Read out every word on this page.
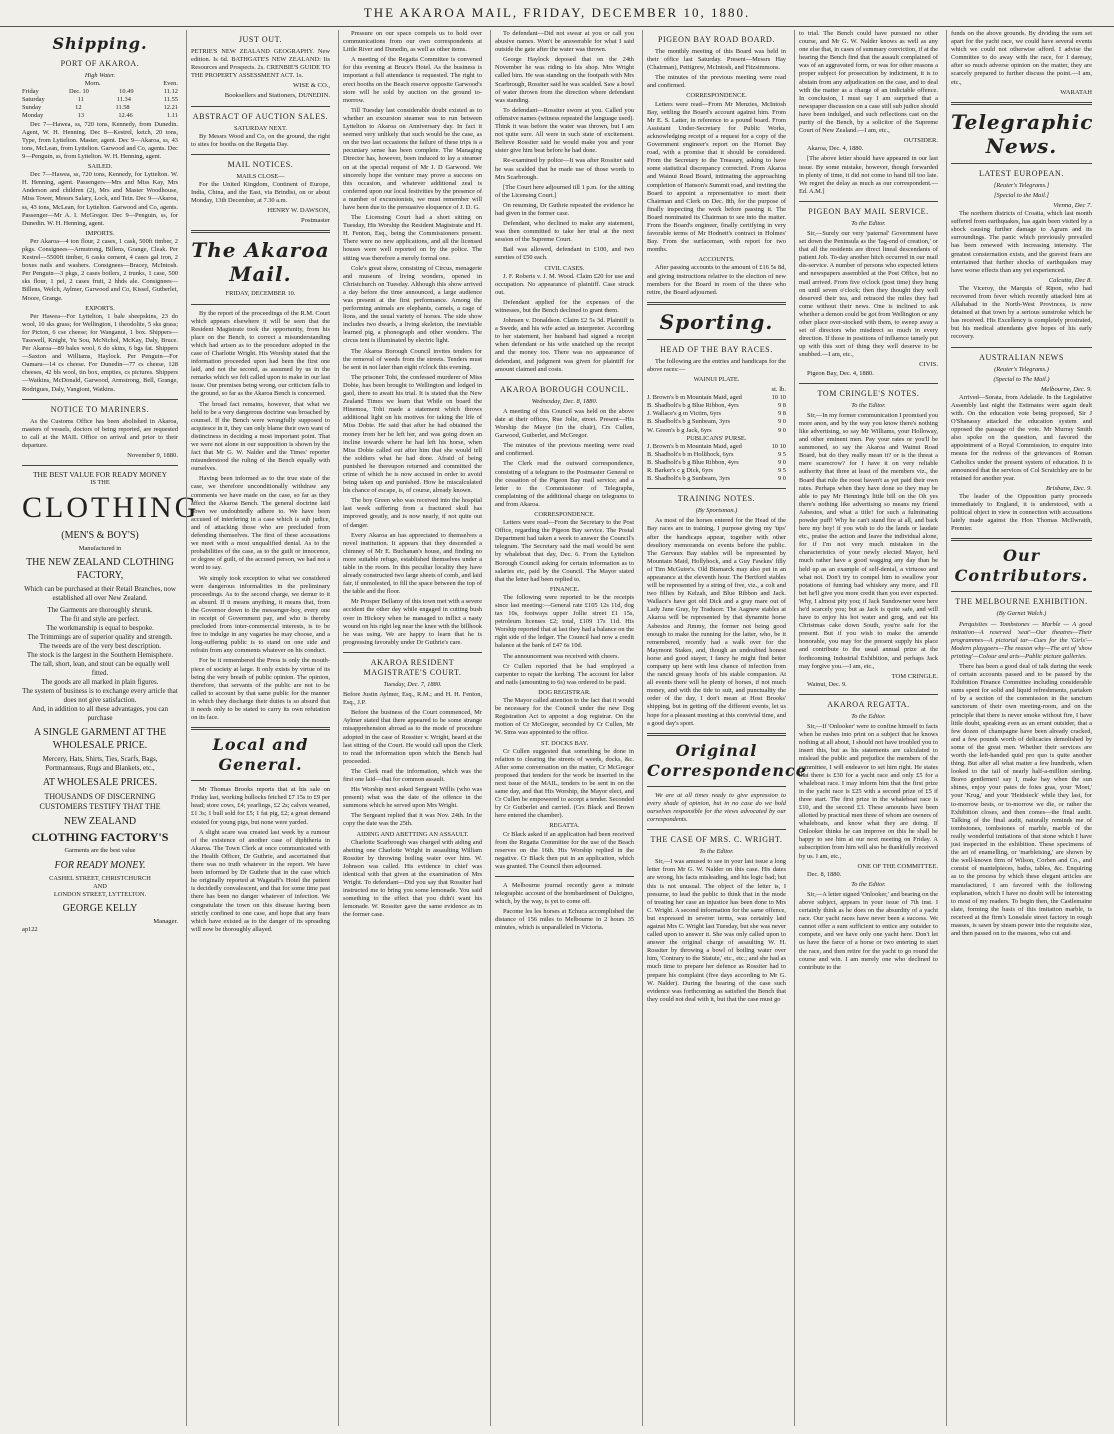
THE AKAROA MAIL, FRIDAY, DECEMBER 10, 1880.
Shipping.
PORT OF AKAROA.
High Water.
Morn.	Even.
Friday	Dec. 10	10.49	11.12
Saturday	11	11.34	11.55
Sunday	12	11.58	12.21
Monday	13	12.46	1.11

Dec 7—Hawea, ss, 720 tons, Kennedy, from Dunedin. Agent, W. H. Henning. Dec 8—Kestrel, ketch, 20 tons, Type, from Lyttelton. Master, agent. Dec 9—Akaroa, ss, 43 tons, McLean, from Lyttelton. Garwood and Co, agents. Dec 9—Penguin, ss, from Lyttelton. W. H. Henning, agent.

SAILED.

Dec 7—Hawea, ss, 720 tons, Kennedy, for Lyttelton. W. H. Henning, agent. Passengers—Mrs and Miss Kay, Mrs Anderson and children (2), Mrs and Master Woodhouse, Miss Tower, Messrs Salary, Lock, and Tein. Dec 9—Akaroa, ss, 43 tons, McLean, for Lyttelton. Garwood and Co, agents. Passenger—Mr A. I. McGregor. Dec 9—Penguin, ss, for Dunedin. W. H. Henning, agent.

IMPORTS.

Per Akaroa—4 ton flour, 2 cases, 1 cask, 500ft timber, 2 pkgs. Consignees—Armstrong, Billens, Grange, Cleak. Per Kestrel—5500ft timber, 6 casks cement, 4 cases gal iron, 2 boxes nails and washers. Consignees—Bracey, McIntosh. Per Penguin—3 pkgs, 2 cases boilers, 2 trunks, 1 case, 500 sks flour, 1 pel, 2 cases fruit, 2 hhds ale. Consignees—Billens, Welch, Aylmer, Garwood and Co, Kissel, Gutberlet, Moore, Grange.

EXPORTS.

Per Hawea—For Lyttelton, 1 bale sheepskins, 23 do wool, 10 sks grass; for Wellington, 1 theodolite, 5 sks grass; for Picton, 6 cse cheese; for Wanganui, 1 box. Shippers—Tasswell, Knight, Yu Sou, McNichol, McKay, Daly, Bruce. Per Akaroa—89 bales wool, 6 do skins, 6 bgs fat. Shippers—Saxton and Williams, Haylock. Per Penguin—For Oamaru—14 cs cheese. For Dunedin—77 cs cheese, 128 cheeses, 42 bls wool, tin box, empties, cs pictures. Shippers—Watkins, McDonald, Garwood, Armstrong, Bell, Grange, Rodrigues, Daly, Vangioni, Watkins.

NOTICE TO MARINERS.

As the Customs Office has been abolished in Akaroa, masters of vessels, doctors of being reported, are requested to call at the MAIL Office on arrival and prior to their departure.

November 9, 1880.
THE BEST VALUE FOR READY MONEY
IS THE
CLOTHING
(MEN'S & BOY'S)
Manufactured in
THE NEW ZEALAND CLOTHING FACTORY,
Which can be purchased at their Retail Branches, now established all over New Zealand.
The Garments are thoroughly shrunk.
The fit and style are perfect.
The workmanship is equal to bespoke.
The Trimmings are of superior quality and strength.
The tweeds are of the very best description.
The stock is the largest in the Southern Hemisphere.
The tall, short, lean, and stout can be equally well fitted.
The goods are all marked in plain figures.
The system of business is to exchange every article that does not give satisfaction.
And, in addition to all these advantages, you can purchase
A SINGLE GARMENT AT THE WHOLESALE PRICE.
Mercery, Hats, Shirts, Ties, Scarfs, Bags, Portmanteaus, Rugs and Blankets, etc.,
AT WHOLESALE PRICES.
THOUSANDS OF DISCERNING CUSTOMERS TESTIFY THAT THE
NEW ZEALAND
CLOTHING FACTORY'S
Garments are the best value
FOR READY MONEY.
CASHEL STREET, CHRISTCHURCH
AND
LONDON STREET, LYTTELTON.
GEORGE KELLY
Manager.
ap122
JUST OUT.

PETRIE'S NEW ZEALAND GEOGRAPHY. New edition. Is 6d. BATHGATE'S NEW ZEALAND: Its Resources and Prospects. 2s. CRENBIE'S GUIDE TO THE PROPERTY ASSESSMENT ACT. 1s.

WISE & CO.,
Booksellers and Stationers, DUNEDIN.
ABSTRACT OF AUCTION SALES.
SATURDAY NEXT.

By Messrs Wood and Co, on the ground, the right to sites for booths on the Regatta Day.

MAIL NOTICES.
MAILS CLOSE—

For the United Kingdom, Continent of Europe, India, China, and the East, via Brindisi, on or about Monday, 13th December, at 7.30 a.m.

HENRY W. DAWSON,
Postmaster
The Akaroa Mail.
FRIDAY, DECEMBER 10.

By the report of the proceedings of the R.M. Court which appears elsewhere it will be seen that the Resident Magistrate took the opportunity, from his place on the Bench, to correct a misunderstanding which had arisen as to the procedure adopted in the case of Charlotte Wright. His Worship stated that the information proceeded upon had been the first one laid, and not the second, as assumed by us in the remarks which we felt called upon to make in our last issue. Our premises being wrong, our criticism falls to the ground, so far as the Akaroa Bench is concerned.

The broad fact remains, however, that what we held to be a very dangerous doctrine was broached by counsel. If the Bench were wrongfully supposed to acquiesce in it, they can only blame their own want of distinctness in deciding a most important point. That we were not alone in our supposition is shown by the fact that Mr G. W. Nalder and the Times' reporter misunderstood the ruling of the Bench equally with ourselves.

Having been informed as to the true state of the case, we therefore unconditionally withdraw any comments we have made on the case, so far as they affect the Akaroa Bench. The general doctrine laid down we undoubtedly adhere to. We have been accused of interfering in a case which is sub judice, and of attacking those who are precluded from defending themselves. The first of these accusations we meet with a most unqualified denial. As to the probabilities of the case, as to the guilt or innocence, or degree of guilt, of the accused person, we had not a word to say.

We simply took exception to what we considered were dangerous informalities in the preliminary proceedings. As to the second charge, we demur to it as absurd. If it means anything, it means that, from the Governor down to the messenger-boy, every one in receipt of Government pay, and who is thereby precluded from inter-commercial interests, is to be free to indulge in any vagaries he may choose, and a long-suffering public is to stand on one side and refrain from any comments whatever on his conduct.

For be it remembered the Press is only the mouth-piece of society at large. It only exists by virtue of its being the very breath of public opinion. The opinion, therefore, that servants of the public are not to be called to account by that same public for the manner in which they discharge their duties is so absurd that it needs only to be stated to carry its own refutation on its face.

Local and General.

Mr Thomas Brooks reports that at his sale on Friday last, working bullocks fetched £7 15s to £9 per head; store cows, £4; yearlings, £2 2s; calves weaned, £1 3s; 1 bull sold for £5; 1 fat pig, £2; a great demand existed for young pigs, but none were yarded.

A slight scare was created last week by a rumour of the existence of another case of diphtheria in Akaroa. The Town Clerk at once communicated with the Health Officer, Dr Guthrie, and ascertained that there was no truth whatever in the report. We have been informed by Dr Guthrie that in the case which he originally reported at Wagstaff's Hotel the patient is decidedly convalescent, and that for some time past there has been no danger whatever of infection. We congratulate the town on this disease having been strictly confined to one case, and hope that any fears which have existed as to the danger of its spreading will now be thoroughly allayed.

Pressure on our space compels us to hold over communications from our own correspondents at Little River and Dunedin, as well as other items.

A meeting of the Regatta Committee is convened for this evening at Bruce's Hotel. As the business is important a full attendance is requested. The right to erect booths on the Beach reserve opposite Garwood's store will be sold by auction on the ground to-morrow.

Till Tuesday last considerable doubt existed as to whether an excursion steamer was to run between Lyttelton to Akaroa on Anniversary day. In fact it seemed very unlikely that such would be the case, as on the two last occasions the failure of these trips is a pecuniary sense has been complete. The Managing Director has, however, been induced to lay a steamer on at the special request of Mr J. D Garwood. We sincerely hope the venture may prove a success on this occasion, and whatever additional zeal is conferred upon our local festivities by the presence of a number of excursionists, we must remember will have been due to the persuasive eloquence of J. D. G.

The Licensing Court had a short sitting on Tuesday, His Worship the Resident Magistrate and H. H. Fenton, Esq., being the Commissioners present. There were no new applications, and all the licensed houses were well reported on by the police. The sitting was therefore a merely formal one.

Cole's great show, consisting of Circus, menagerie and museum of living wonders, opened in Christchurch on Tuesday. Although this show arrived a day before the time announced, a large audience was present at the first performance. Among the performing animals are elephants, camels, a cage of lions, and the usual variety of horses. The side show includes two dwarfs, a living skeleton, the inevitable learned pig, a phonograph and other wonders. The circus tent is illuminated by electric light.

The Akaroa Borough Council invites tenders for the removal of weeds from the streets. Tenders must be sent in not later than eight o'clock this evening.

The prisoner Tohi, the confessed murderer of Miss Dobie, has been brought to Wellington and lodged in gaol, there to await his trial. It is stated that the New Zealand Times we learn that While on board the Hinemoa, Tohi made a statement which throws additional light on his motives for taking the life of Miss Dobie. He said that after he had obtained the money from her he left her, and was going down an incline towards where he had left his horse, when Miss Dobie called out after him that she would tell the soldiers what he had done. Afraid of being punished he thereupon returned and committed the crime of which he is now accused in order to avoid being taken up and punished. How he miscalculated his chance of escape, is, of course, already known.

The boy Green who was received into the hospital last week suffering from a fractured skull has improved greatly, and is now nearly, if not quite out of danger.

Every Akaroa an has appreciated to themselves a novel institution. It appears that they descended a chimney of Mr E. Buchanan's house, and finding no more suitable refuge, established themselves under a table in the room. In this peculiar locality they have already constructed two large sheets of comb, and laid fair, if unmolested, to fill the space between the top of the table and the floor.

Mr Prosper Bellamy of this town met with a severe accident the other day while engaged in cutting bush over in Hickory when he managed to inflict a nasty wound on his right leg near the knee with the billhook he was using. We are happy to learn that he is progressing favorably under Dr Guthrie's care.

AKAROA RESIDENT MAGISTRATE'S COURT.
Tuesday, Dec. 7, 1880.

Before Justin Aylmer, Esq., R.M.; and H. H. Fenton, Esq., J.P.

Before the business of the Court commenced, Mr Aylmer stated that there appeared to be some strange misapprehension abroad as to the mode of procedure adopted in the case of Rossiter v. Wright, heard at the last sitting of the Court. He would call upon the Clerk to read the information upon which the Bench had proceeded.

The Clerk read the information, which was the first one laid—that for common assault.

His Worship next asked Sergeant Willis (who was present) what was the date of the offence in the summons which he served upon Mrs Wright.

The Sergeant replied that it was Nov. 24th. In the copy the date was the 25th.

AIDING AND ABETTING AN ASSAULT.

Charlotte Scarbrough was charged with aiding and abetting one Charlotte Wright in assaulting William Rossiter by throwing boiling water over him. W. Johnson was called. His evidence in chief was identical with that given at the examination of Mrs Wright. To defendant—Did you say that Rossiter had instructed me to bring you some lemonade. You said something to the effect that you didn't want his lemonade. W. Rossiter gave the same evidence as in the former case.

To defendant—Did not swear at you or call you abusive names. Won't be answerable for what I said outside the gate after the water was thrown.

George Haylock deposed that on the 24th November he was riding to his shop. Mrs Wright called him. He was standing on the footpath with Mrs Scarbrough, Rossiter said he was scalded. Saw a bowl of water thrown from the direction where defendant was standing.

To defendant—Rossiter swore at you. Called you offensive names (witness repeated the language used). Think it was before the water was thrown, but I am not quite sure. All were in such state of excitement. Believe Rossiter said he would make you and your sister give him beat before he had done.

Re-examined by police—It was after Rossiter said he was scalded that he made use of those words to Mrs Scarbrough.

[The Court here adjourned till 1 p.m. for the sitting of the Licensing Court.]

On resuming, Dr Guthrie repeated the evidence he had given in the former case.

Defendant, who declined to make any statement, was then committed to take her trial at the next session of the Supreme Court.

Bail was allowed, defendant in £100, and two sureties of £50 each.

CIVIL CASES.

J. F. Roberts v. J. M. Wood. Claim £20 for use and occupation. No appearance of plaintiff. Case struck out.

Defendant applied for the expenses of the witnesses, but the Bench declined to grant them.

Johnsen v. Donaldson. Claim £2 5s 3d. Plaintiff is a Swede, and his wife acted as interpreter. According to her statement, her husband had signed a receipt when defendant or his wife snatched up the receipt and the money too. There was no appearance of defendant, and judgment was given for plaintiff for amount claimed and costs.

AKAROA BOROUGH COUNCIL.
Wednesday, Dec. 8, 1880.

A meeting of this Council was held on the above date at their offices, Rue Jolie, street. Present—His Worship the Mayor (in the chair), Crs Cullen, Garwood, Gutberlet, and McGregor.

The minutes of the previous meeting were read and confirmed.

The Clerk read the outward correspondence, consisting of a telegram to the Postmaster General re the cessation of the Pigeon Bay mail service; and a letter to the Commissioner of Telegraphs, complaining of the additional charge on telegrams to and from Akaroa.

CORRESPONDENCE.

Letters were read—From the Secretary to the Post Office, regarding the Pigeon Bay service. The Postal Department had taken a week to answer the Council's telegram. The Secretary said the mail would be sent by whaleboat that day, Dec. 6. From the Lyttelton Borough Council asking for certain information as to salaries etc, paid by the Council. The Mayor stated that the letter had been replied to.

FINANCE.

The following were reported to be the receipts since last meeting:—General rate £105 12s 11d, dog tax 10s, footways upper Jollie street £1 15s, petroleum licenses £2; total, £109 17s 11d. His Worship reported that at last they had a balance on the right side of the ledger. The Council had now a credit balance at the bank of £47 6s 10d.

The announcement was received with cheers.

Cr Cullen reported that he had employed a carpenter to repair the kerbing. The account for labor and nails (amounting to 6s) was ordered to be paid.

DOG REGISTRAR.

The Mayor called attention to the fact that it would be necessary for the Council under the new Dog Registration Act to appoint a dog registrar. On the motion of Cr McGregor, seconded by Cr Cullen, Mr W. Sims was appointed to the office.

ST. DOCKS BAY.

Cr Cullen suggested that something be done in relation to clearing the streets of weeds, docks, &c. After some conversation on the matter, Cr McGregor proposed that tenders for the work be inserted in the next issue of the MAIL, tenders to be sent in on the same day, and that His Worship, the Mayor elect, and Cr Cullen be empowered to accept a tender. Seconded by Cr Gutberlet and carried. (Crs Black and Brown here entered the chamber).

REGATTA.

Cr Black asked if an application had been received from the Regatta Committee for the use of the Beach reserves on the 16th. His Worship replied in the negative. Cr Black then put in an application, which was granted. The Council then adjourned.

A Melbourne journal recently gave a minute telegraphic account of the bombardment of Dulcigno, which, by the way, is yet to come off.

Pacome les les horses at Echuca accomplished the distance of 156 miles to Melbourne in 2 hours 35 minutes, which is unparalleled in Victoria.

PIGEON BAY ROAD BOARD.

The monthly meeting of this Board was held in their office last Saturday. Present—Messrs Hay (Chairman), Pettigrew, McIntosh, and Fitzsimmons.

The minutes of the previous meeting were read and confirmed.

CORRESPONDENCE.

Letters were read—From Mr Menzies, McIntosh Bay, settling the Board's account against him. From Mr E. S. Latter, in reference to a pound board. From Assistant Under-Secretary for Public Works, acknowledging receipt of a request for a copy of the Government engineer's report on the Hornet Bay road, with a promise that it should be considered. From the Secretary to the Treasury, asking to have some statistical discrepancy corrected. From Akaroa and Wainui Road Board, intimating the approaching completion of Hanson's Summit road, and inviting the Board to appoint a representative to meet their Chairman and Clerk on Dec. 8th, for the purpose of finally inspecting the work before passing it. The Board nominated its Chairman to see into the matter. From the Board's engineer, finally certifying in very favorable terms of Mr Hodnett's contract in Holmes' Bay. From the surfaceman, with report for two months.

ACCOUNTS.

After passing accounts to the amount of £16 5s 8d, and giving instructions relative to the election of new members for the Board in room of the three who retire, the Board adjourned.

Sporting.
HEAD OF THE BAY RACES.

The following are the entries and handicaps for the above races:—

WAINUI PLATE.
st. lb.
J. Brown's b m Mountain Maid, aged	10 10
B. Shadbolt's b g Blue Ribbon, 4yrs	9 8
J. Wallace's g m Victim, 6yrs	9 8
B. Shadbolt's b g Sunbeam, 3yrs	9 0
W. Green's b g Jack, 6yrs	9 0
PUBLICANS' PURSE.
J. Brown's b m Mountain Maid, aged	10 10
B. Shadbolt's b m Hollihock, 6yrs	9 5
B. Shadbolt's b g Blue Ribbon, 4yrs	9 0
R. Barker's c g Dick, 6yrs	9 5
B. Shadbolt's b g Sunbeam, 3yrs	9 0
TRAINING NOTES.
(By Sportsman.)

As most of the horses entered for the Head of the Bay races are in training, I purpose giving my 'tips' after the handicaps appear, together with other desultory memoranda on events before the public. The Gervaux Bay stables will be represented by Mountain Maid, Hollyhock, and a Guy Fawkes' filly of Tim McGuire's. Old Bismarck may also put in an appearance at the eleventh hour. The Hertford stables will be represented by a string of five, viz., a colt and two fillies by Kelzah, and Blue Ribbon and Jack. Wallace's have got old Dick and a gray mare out of Lady Jane Gray, by Traducer. The Aagnew stables at Akaroa will be represented by that dynamite horse Asbestos and Jimmy, the former not being good enough to make the running for the latter, who, be it remembered, recently had a walk over for the Maymont Stakes, and, though an undoubted honest horse and good stayer, I fancy he might find better company up here with less chance of infection from the rancid greasy hoofs of his stable companion. At all events there will be plenty of horses, if not much money, and with the tide to suit, and punctuality the order of the day, I don't mean at Host Brooks' shipping, but in getting off the different events, let us hope for a pleasant meeting at this convivial time, and a good day's sport.

Original Correspondence

We are at all times ready to give expression to every shade of opinion, but in no case do we hold ourselves responsible for the views advocated by our correspondents.

THE CASE OF MRS. C. WRIGHT.
To the Editor.

Sir,—I was amused to see in your last issue a long letter from Mr G. W. Nalder on this case. His dates are wrong, his facts misleading, and his logic bad; but this is not unusual. The object of the letter is, I presume, to lead the public to think that in the mode of treating her case an injustice has been done to Mrs C. Wright. A second information for the same offence, but expressed in severer terms, was certainly laid against Mrs C. Wright last Tuesday, but she was never called upon to answer it. She was only called upon to answer the original charge of assaulting W. H. Rossiter by throwing a bowl of boiling water over him, 'Contrary to the Statute,' etc., etc.; and she had as much time to prepare her defence as Rossiter had to prepare his complaint (five days according to Mr G. W. Nalder). During the hearing of the case such evidence was forthcoming as satisfied the Bench that they could not deal with it, but that the case must go

to trial. The Bench could have pursued no other course, and Mr G. W. Nalder knows as well as any one else that, in cases of summary conviction, if at the hearing the Bench find that the assault complained of was of an aggravated form, or was for other reasons a proper subject for prosecution by indictment, it is to abstain from any adjudication on the case, and to deal with the matter as a charge of an indictable offence. In conclusion, I must say I am surprised that a newspaper discussion on a case still sub judice should have been indulged, and such reflections cast on the purity of the Bench, by a solicitor of the Supreme Court of New Zealand.—I am, etc.,

OUTSIDER.

Akaroa, Dec. 4, 1880.

[The above letter should have appeared in our last issue. By some mistake, however, though forwarded in plenty of time, it did not come to hand till too late. We regret the delay as much as our correspondent.—Ed. A.M.]

PIGEON BAY MAIL SERVICE.
To the Editor.

Sir,—Surely our very 'paternal' Government have set down the Peninsula as the 'fag-end of creation,' or that all the residents are direct lineal descendants of patient Job. To-day another hitch occurred in our mail dis-service. A number of persons who expected letters and newspapers assembled at the Post Office, but no mail arrived. From five o'clock (post time) they hung on until seven o'clock; then they thought they well deserved their tea, and retraced the miles they had come without their news. One is inclined to ask whether a demon could be got from Wellington or any other place over-stocked with them, to sweep away a set of directors who misdirect so much in every direction. If those in positions of influence tamely put up with this sort of thing they well deserve to be snubbed.—I am, etc.,

CIVIS.

Pigeon Bay, Dec. 4, 1880.

TOM CRINGLE'S NOTES.
To the Editor.

Sir,—In my former communication I promised you more anon, and by the way you know there's nothing like advertising, so say Mr Williams, your Holloway, and other eminent men. Pay your rates or you'll be summoned, so say the Akaroa and Wainui Road Board, but do they really mean it? or is the threat a mere scarecrow? for I have it on very reliable authority that three at least of the members viz., the Board that rule the roost haven't as yet paid their own rates. Perhaps when they have done so they may be able to pay Mr Henning's little bill on the Oh yes there's nothing like advertising so means my friend Asbestos, and what a title! for such a fulminating powder puff! Why he can't stand fire at all, and back here my boy! if you wish to do the lands or laudate etc., praise the action and leave the individual alone, for if I'm not very much mistaken in the characteristics of your newly elected Mayor, he'd much rather have a good wagging any day than be held up as an example of self-denial, a virtuoso and what not. Don't try to compel him to swallow your potations of fuming bad whiskey any more, and I'll bet he'll give you more credit than you ever expected. Why, I almost pity you; if Jack Sundowner were here he'd scarcely you; but as Jack is quite safe, and will have to enjoy his hot water and grog, and eat his Christmas cake down South, you're safe for the present. But if you wish to make the amende honorable, you may for the present supply his place and contribute to the usual annual prize at the forthcoming Industrial Exhibition, and perhaps Jack may forgive you.—I am, etc.,

TOM CRINGLE.

Wainui, Dec. 9.

AKAROA REGATTA.
To the Editor.

Sir,—If 'Onlooker' were to confine himself to facts when he rushes into print on a subject that he knows nothing at all about, I should not have troubled you to insert this, but as his statements are calculated to mislead the public and prejudice the members of the committee, I will endeavor to set him right. He states that there is £30 for a yacht race and only £5 for a whaleboat race. I may inform him that the first prize in the yacht race is £25 with a second prize of £5 if three start. The first prize in the whaleboat race is £10, and the second £3. These amounts have been allotted by practical men three of whom are owners of whaleboats, and know what they are doing. If Onlooker thinks he can improve on this he shall be happy to see him at our next meeting on Friday. A subscription from him will also be thankfully received by us. I am, etc.,

ONE OF THE COMMITTEE.

Dec. 8, 1880.

To the Editor.

Sir,—A letter signed 'Onlooker,' and bearing on the above subject, appears in your issue of 7th inst. I certainly think as he does on the absurdity of a yacht race. Our yacht races have never been a success. We cannot offer a sum sufficient to entice any outsider to compete, and we have only one yacht here. Don't let us have the farce of a horse or two entering to start the race, and then retire for the yacht to go round the course and win. I am merely one who declined to contribute to the

funds on the above grounds. By dividing the sum set apart for the yacht race, we could have several events which we could not otherwise afford. I advise the Committee to do away with the race, for I daresay, after so much adverse opinion on the matter, they are scarcely prepared to further discuss the point.—I am, etc.,

WARATAH
Telegraphic News.
LATEST EUROPEAN.
[Reuter's Telegrams.]
[Special to the Mail.]
Vienna, Dec 7.

The northern districts of Croatia, which last month suffered from earthquakes, has again been visited by a shock causing further damage to Agram and its surroundings. The panic which previously prevailed has been renewed with increasing intensity. The greatest consternation exists, and the gravest fears are entertained that further shocks of earthquakes may have worse effects than any yet experienced.

Calcutta, Dec 8.

The Viceroy, the Marquis of Ripon, who had recovered from fever which recently attacked him at Allahabad in the North-West Provinces, is now detained at that town by a serious sunstroke which he has received. His Excellency is completely prostrated, but his medical attendants give hopes of his early recovery.

AUSTRALIAN NEWS
(Reuter's Telegrams.)
(Special to The Mail.)
Melbourne, Dec. 9.

Arrived—Sorata, from Adelaide. In the Legislative Assembly last night the Estimates were again dealt with. On the education vote being proposed, Sir J O'Shanassy attacked the education system and opposed the passage of the vote. Mr Murray Smith also spoke on the question, and favored the appointment of a Royal Commission, to enquire into means for the redress of the grievances of Roman Catholics under the present system of education. It is announced that the services of Col Scratchley are to be retained for another year.

Brisbane, Dec. 9.

The leader of the Opposition party proceeds immediately to England, it is understood, with a political object in view in connection with accusations lately made against the Hon Thomas McIlwraith, Premier.

Our Contributors.
THE MELBOURNE EXHIBITION.
(By Garnet Walch.)

Perquisites — Tombstones — Marble — A good imitation—A reserved 'seat'—Our theatres—Their programmes—A pictorial tar—Cues for the 'Girls'—Modern playgoers—The reason why—The art of 'show printing'—Colour and arts—Public picture galleries.

There has been a good deal of talk during the week of certain accounts passed and to be passed by the Exhibition Finance Committee including considerable sums spent for solid and liquid refreshments, partaken of by a section of the commission in the sanctum sanctorum of their own meeting-room, and on the principle that there is never smoke without fire, I have little doubt, speaking even as an errant outsider, that a few dozen of champagne have been already cracked, and a few pounds worth of delicacies demolished by some of the great men. Whether their services are worth the left-handed quid pro quo is quite another thing. But after all what matter a few hundreds, when looked to the tail of nearly half-a-million sterling. Bravo gentlemen! say I, make hay when the sun shines, enjoy your pates de foies gras, your 'Moet,' your 'Krug,' and your 'Heidsieck' while they last, for to-morrow bests, or to-morrow we die, or rather the Exhibition closes, and then comes—the final audit. Talking of the final audit, naturally reminds me of tombstones, tombstones of marble, marble of the really wonderful imitations of that stone which I have just inspected in the exhibition. These specimens of the art of enamelling, or 'marbleising,' are shown by the well-known firm of Wilson, Corben and Co., and consist of mantelpieces, baths, tables, &c. Enquiring as to the process by which these elegant articles are manufactured, I am favored with the following explanation, which I have no doubt will be interesting to most of my readers. To begin then, the Castlemaine slate, forming the basis of this imitation marble, is received at the firm's Lonsdale street factory in rough masses, is sawn by steam power into the requisite size, and then passed on to the masons, who cut and
